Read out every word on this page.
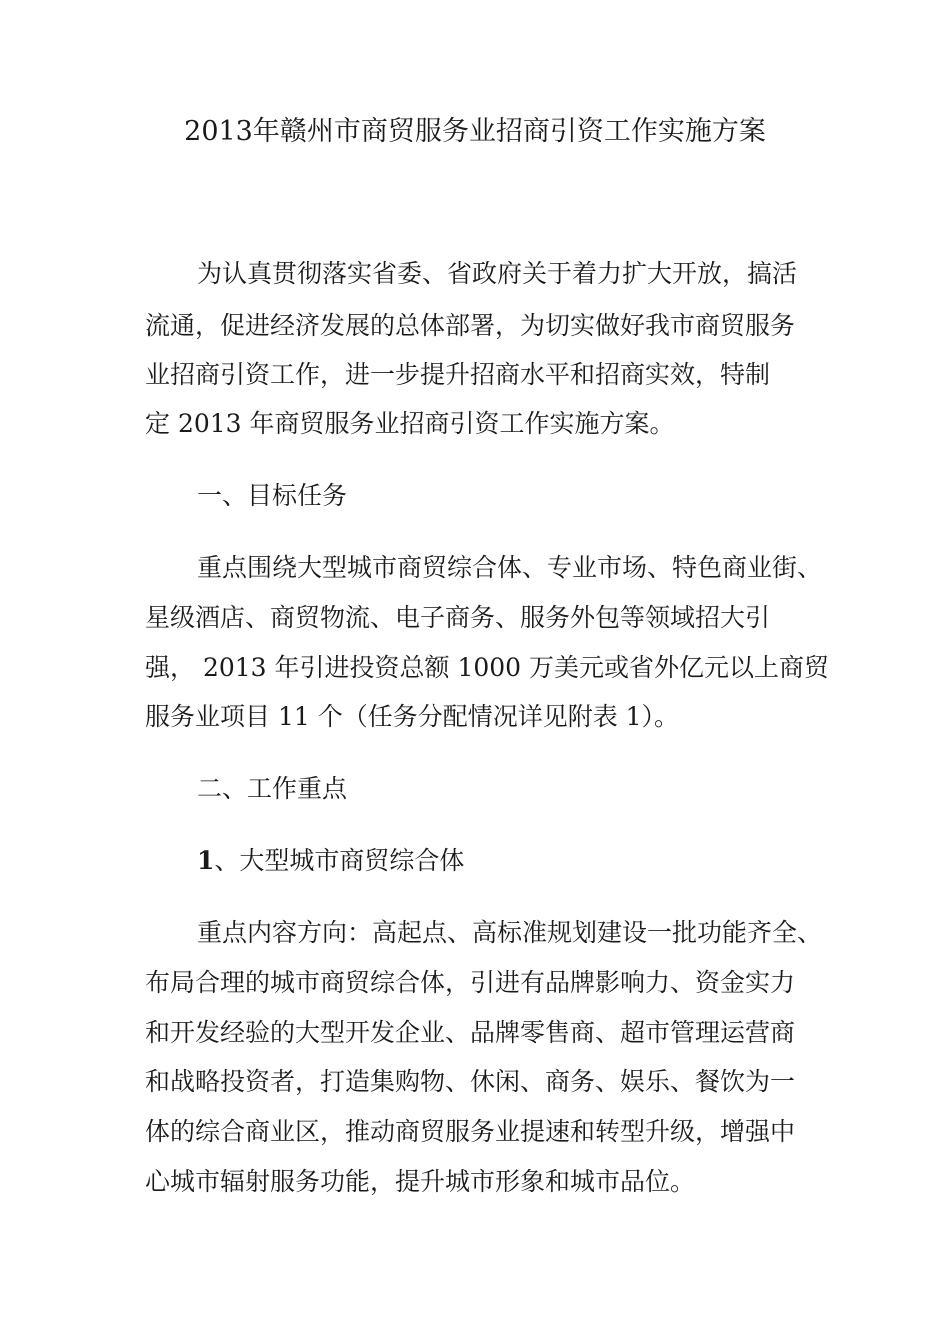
2013年赣州市商贸服务业招商引资工作实施方案

为认真贯彻落实省委、省政府关于着力扩大开放，搞活

流通，促进经济发展的总体部署，为切实做好我市商贸服务

业招商引资工作，进一步提升招商水平和招商实效，特制

定 2013 年商贸服务业招商引资工作实施方案。

一、目标任务

重点围绕大型城市商贸综合体、专业市场、特色商业街、

星级酒店、商贸物流、电子商务、服务外包等领域招大引

强， 2013 年引进投资总额 1000 万美元或省外亿元以上商贸

服务业项目 11 个（任务分配情况详见附表 1）。

二、工作重点

1、大型城市商贸综合体

重点内容方向：高起点、高标准规划建设一批功能齐全、

布局合理的城市商贸综合体，引进有品牌影响力、资金实力

和开发经验的大型开发企业、品牌零售商、超市管理运营商

和战略投资者，打造集购物、休闲、商务、娱乐、餐饮为一

体的综合商业区，推动商贸服务业提速和转型升级，增强中

心城市辐射服务功能，提升城市形象和城市品位。
